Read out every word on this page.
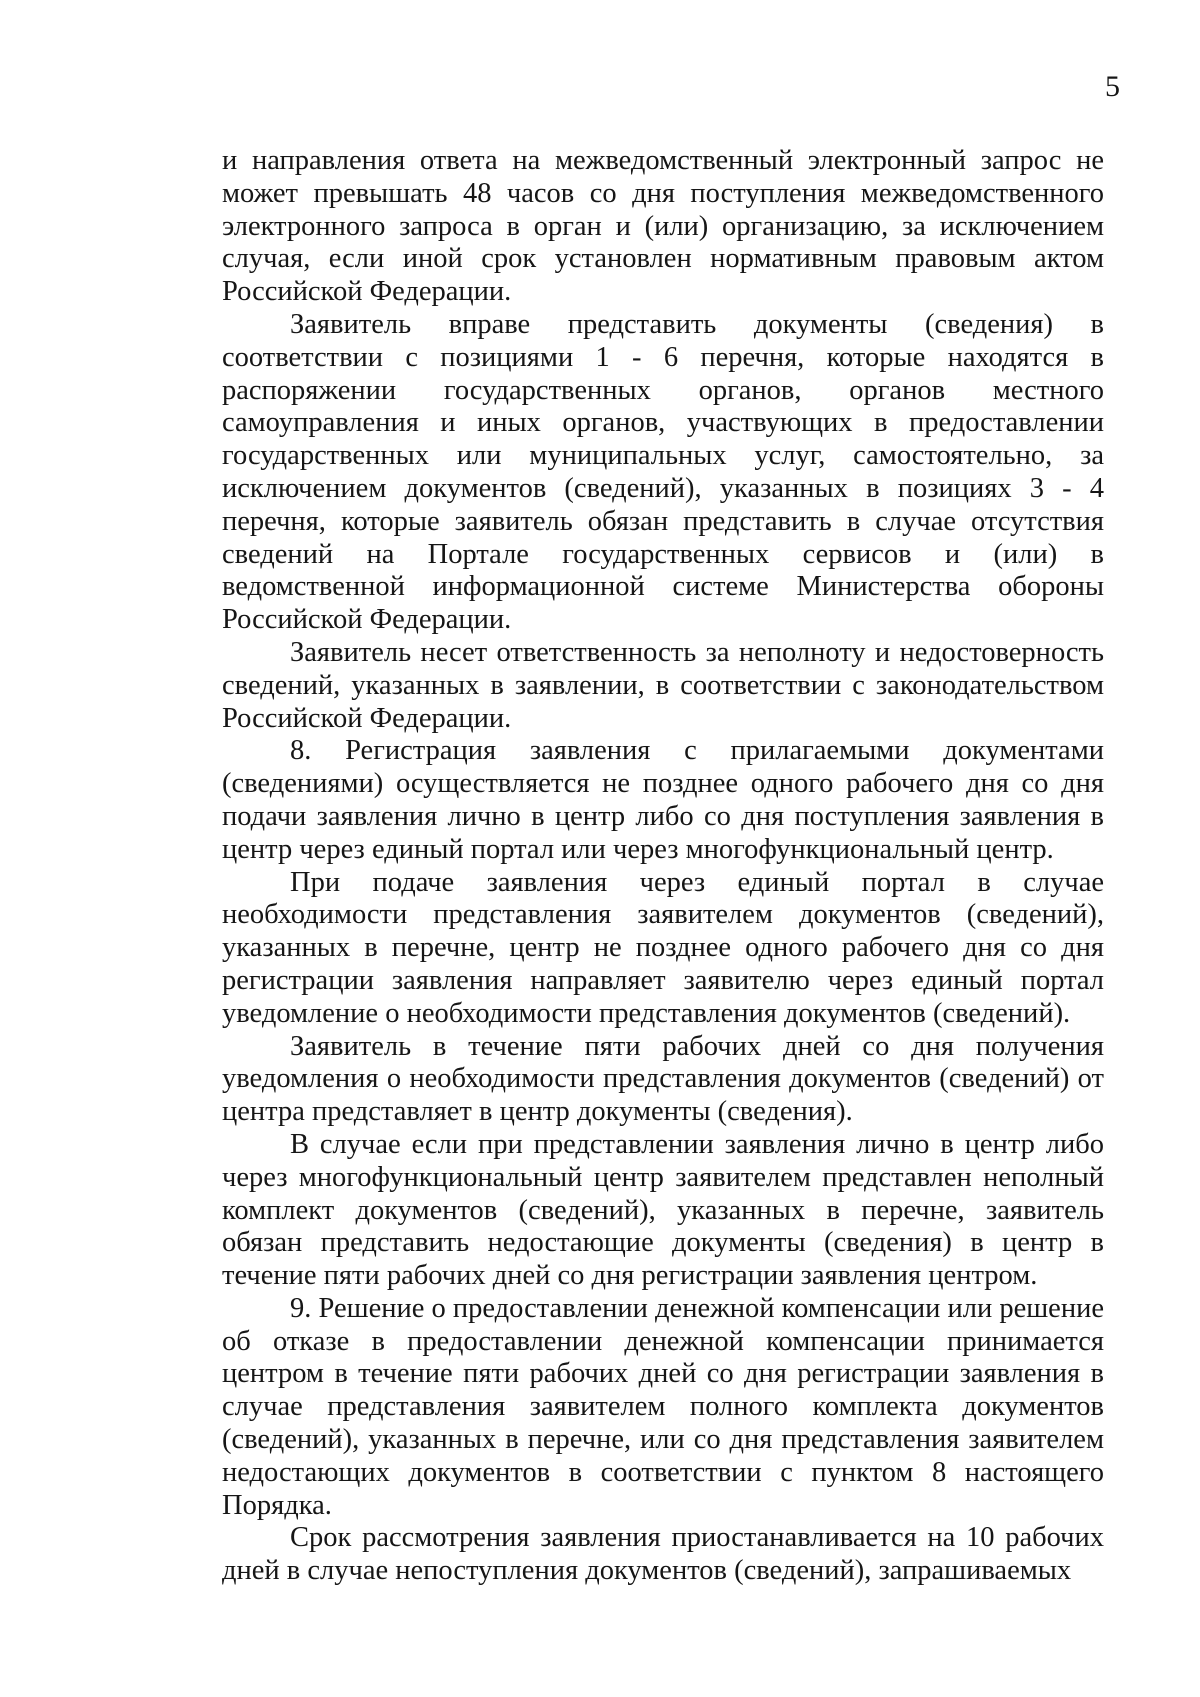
5

и направления ответа на межведомственный электронный запрос не может превышать 48 часов со дня поступления межведомственного электронного запроса в орган и (или) организацию, за исключением случая, если иной срок установлен нормативным правовым актом Российской Федерации.

Заявитель вправе представить документы (сведения) в соответствии с позициями 1 - 6 перечня, которые находятся в распоряжении государственных органов, органов местного самоуправления и иных органов, участвующих в предоставлении государственных или муниципальных услуг, самостоятельно, за исключением документов (сведений), указанных в позициях 3 - 4 перечня, которые заявитель обязан представить в случае отсутствия сведений на Портале государственных сервисов и (или) в ведомственной информационной системе Министерства обороны Российской Федерации.

Заявитель несет ответственность за неполноту и недостоверность сведений, указанных в заявлении, в соответствии с законодательством Российской Федерации.

8. Регистрация заявления с прилагаемыми документами (сведениями) осуществляется не позднее одного рабочего дня со дня подачи заявления лично в центр либо со дня поступления заявления в центр через единый портал или через многофункциональный центр.

При подаче заявления через единый портал в случае необходимости представления заявителем документов (сведений), указанных в перечне, центр не позднее одного рабочего дня со дня регистрации заявления направляет заявителю через единый портал уведомление о необходимости представления документов (сведений).

Заявитель в течение пяти рабочих дней со дня получения уведомления о необходимости представления документов (сведений) от центра представляет в центр документы (сведения).

В случае если при представлении заявления лично в центр либо через многофункциональный центр заявителем представлен неполный комплект документов (сведений), указанных в перечне, заявитель обязан представить недостающие документы (сведения) в центр в течение пяти рабочих дней со дня регистрации заявления центром.

9. Решение о предоставлении денежной компенсации или решение об отказе в предоставлении денежной компенсации принимается центром в течение пяти рабочих дней со дня регистрации заявления в случае представления заявителем полного комплекта документов (сведений), указанных в перечне, или со дня представления заявителем недостающих документов в соответствии с пунктом 8 настоящего Порядка.

Срок рассмотрения заявления приостанавливается на 10 рабочих дней в случае непоступления документов (сведений), запрашиваемых
